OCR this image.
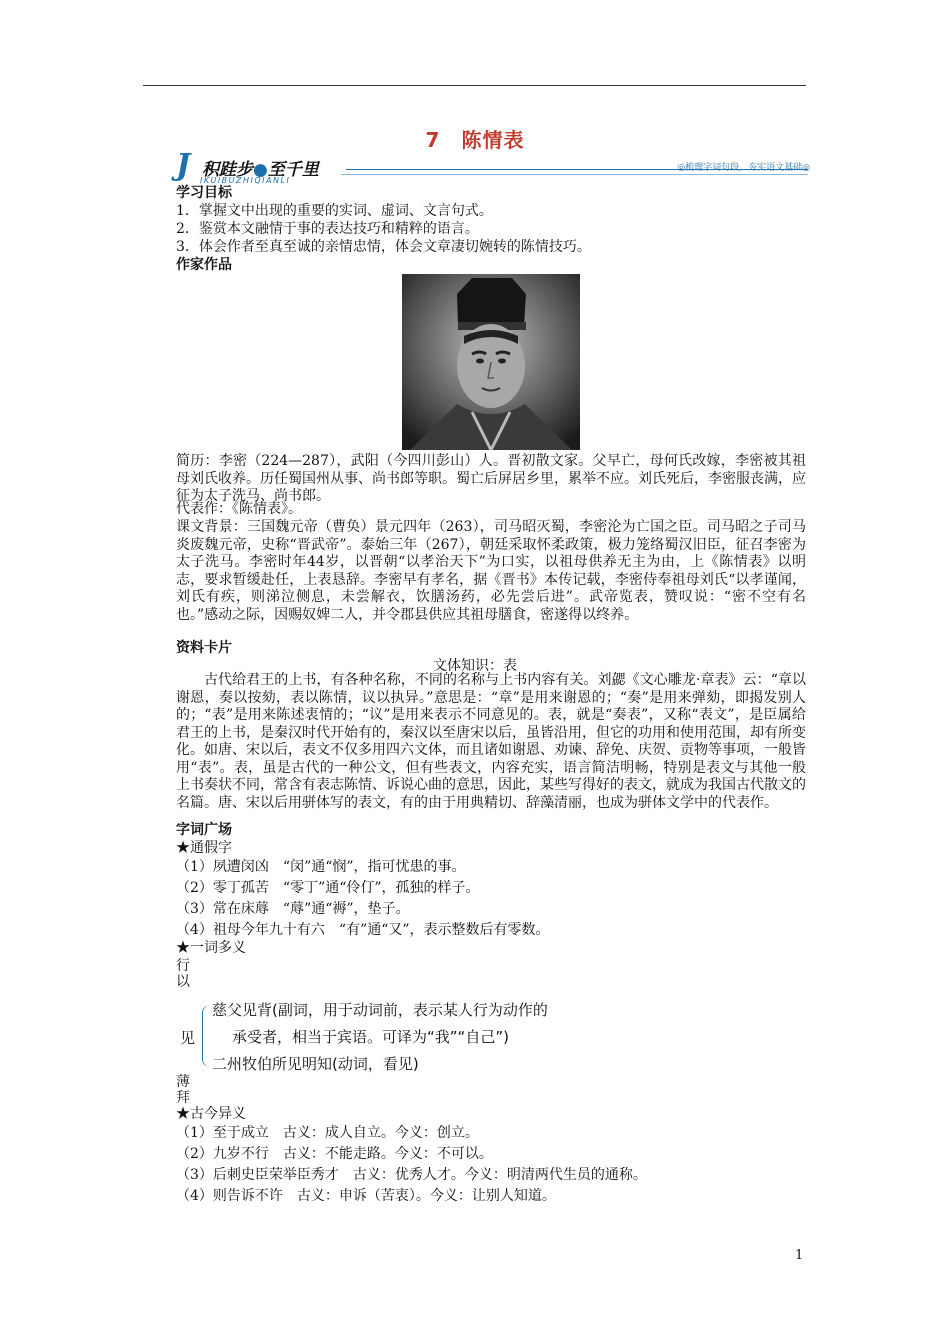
7　陈情表
J 积跬步●至千里
IKUIBUZHIQIANLI
◎梳理字词句段，夯实语文基础◎
学习目标
1．掌握文中出现的重要的实词、虚词、文言句式。
2．鉴赏本文融情于事的表达技巧和精粹的语言。
3．体会作者至真至诚的亲情忠情，体会文章凄切婉转的陈情技巧。
作家作品
简历：李密（224—287），武阳（今四川彭山）人。晋初散文家。父早亡，母何氏改嫁，李密被其祖母刘氏收养。历任蜀国州从事、尚书郎等职。蜀亡后屏居乡里，累举不应。刘氏死后，李密服丧满，应征为太子洗马、尚书郎。
代表作：《陈情表》。
课文背景：三国魏元帝（曹奂）景元四年（263），司马昭灭蜀，李密沦为亡国之臣。司马昭之子司马炎废魏元帝，史称“晋武帝”。泰始三年（267），朝廷采取怀柔政策，极力笼络蜀汉旧臣，征召李密为太子洗马。李密时年44岁，以晋朝“以孝治天下”为口实，以祖母供养无主为由，上《陈情表》以明志，要求暂缓赴任，上表恳辞。李密早有孝名，据《晋书》本传记载，李密侍奉祖母刘氏“以孝谨闻，刘氏有疾，则涕泣侧息，未尝解衣，饮膳汤药，必先尝后进”。武帝览表，赞叹说：“密不空有名也。”感动之际，因赐奴婢二人，并令郡县供应其祖母膳食，密遂得以终养。
资料卡片
文体知识：表
古代给君王的上书，有各种名称，不同的名称与上书内容有关。刘勰《文心雕龙·章表》云：“章以谢恩，奏以按劾，表以陈情，议以执异。”意思是：“章”是用来谢恩的；“奏”是用来弹劾，即揭发别人的；“表”是用来陈述衷情的；“议”是用来表示不同意见的。表，就是“奏表”，又称“表文”，是臣属给君王的上书，是秦汉时代开始有的，秦汉以至唐宋以后，虽皆沿用，但它的功用和使用范围，却有所变化。如唐、宋以后，表文不仅多用四六文体，而且诸如谢恩、劝谏、辞免、庆贺、贡物等事项，一般皆用“表”。表，虽是古代的一种公文，但有些表文，内容充实，语言简洁明畅，特别是表文与其他一般上书奏状不同，常含有表志陈情、诉说心曲的意思，因此，某些写得好的表文，就成为我国古代散文的名篇。唐、宋以后用骈体写的表文，有的由于用典精切、辞藻清丽，也成为骈体文学中的代表作。
字词广场
★通假字
（1）夙遭闵凶　“闵”通“悯”，指可忧患的事。
（2）零丁孤苦　“零丁”通“伶仃”，孤独的样子。
（3）常在床蓐　“蓐”通“褥”，垫子。
（4）祖母今年九十有六　“有”通“又”，表示整数后有零数。
★一词多义
行
以
见
慈父见背(副词，用于动词前，表示某人行为动作的
承受者，相当于宾语。可译为“我”“自己”)
二州牧伯所见明知(动词，看见)
薄
拜
★古今异义
（1）至于成立　古义：成人自立。今义：创立。
（2）九岁不行　古义：不能走路。今义：不可以。
（3）后刺史臣荣举臣秀才　古义：优秀人才。今义：明清两代生员的通称。
（4）则告诉不许　古义：申诉（苦衷）。今义：让别人知道。
1
